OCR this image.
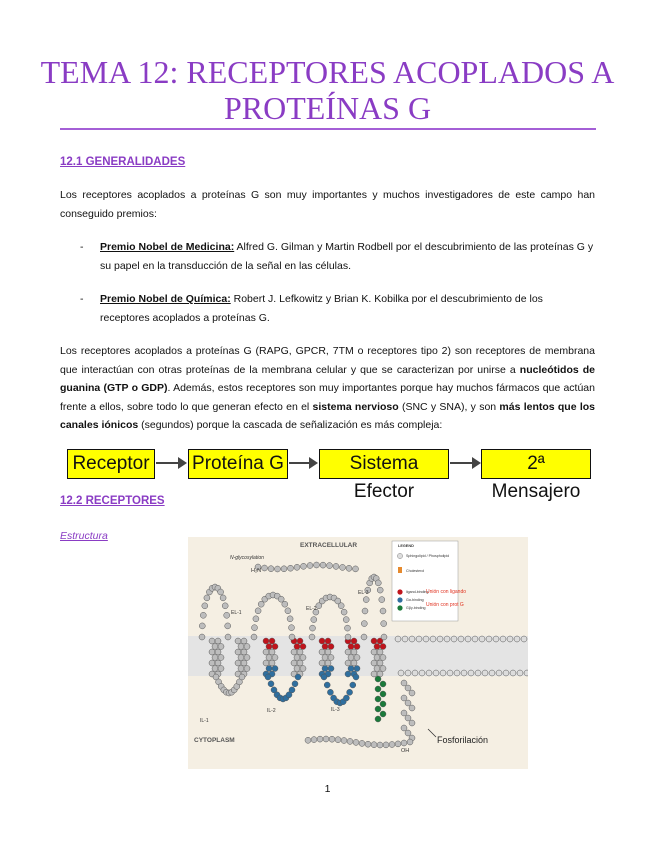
TEMA 12: RECEPTORES ACOPLADOS A
PROTEÍNAS G
12.1 GENERALIDADES

Los receptores acoplados a proteínas G son muy importantes y muchos investigadores de este campo han conseguido premios:

- Premio Nobel de Medicina: Alfred G. Gilman y Martin Rodbell por el descubrimiento de las proteínas G y su papel en la transducción de la señal en las células.
- Premio Nobel de Química: Robert J. Lefkowitz y Brian K. Kobilka por el descubrimiento de los receptores acoplados a proteínas G.

Los receptores acoplados a proteínas G (RAPG, GPCR, 7TM o receptores tipo 2) son receptores de membrana que interactúan con otras proteínas de la membrana celular y que se caracterizan por unirse a nucleótidos de guanina (GTP o GDP). Además, estos receptores son muy importantes porque hay muchos fármacos que actúan frente a ellos, sobre todo lo que generan efecto en el sistema nervioso (SNC y SNA), y son más lentos que los canales iónicos (segundos) porque la cascada de señalización es más compleja:

Receptor Proteína G	Sistema Efector
2ª Mensajero
12.2 RECEPTORES
Estructura
EXTRACELLULAR
CYTOPLASM
N-glycosylation
H₂N
OH
EL-1
EL-2
EL-3
IL-1
IL-2	IL-3
Fosforilación
LEGEND
Sphingolipid / Phospholipid
Cholesterol
ligand-binding
Unión con ligando
Gα-binding
Gβγ-binding Unión con prot G
1
